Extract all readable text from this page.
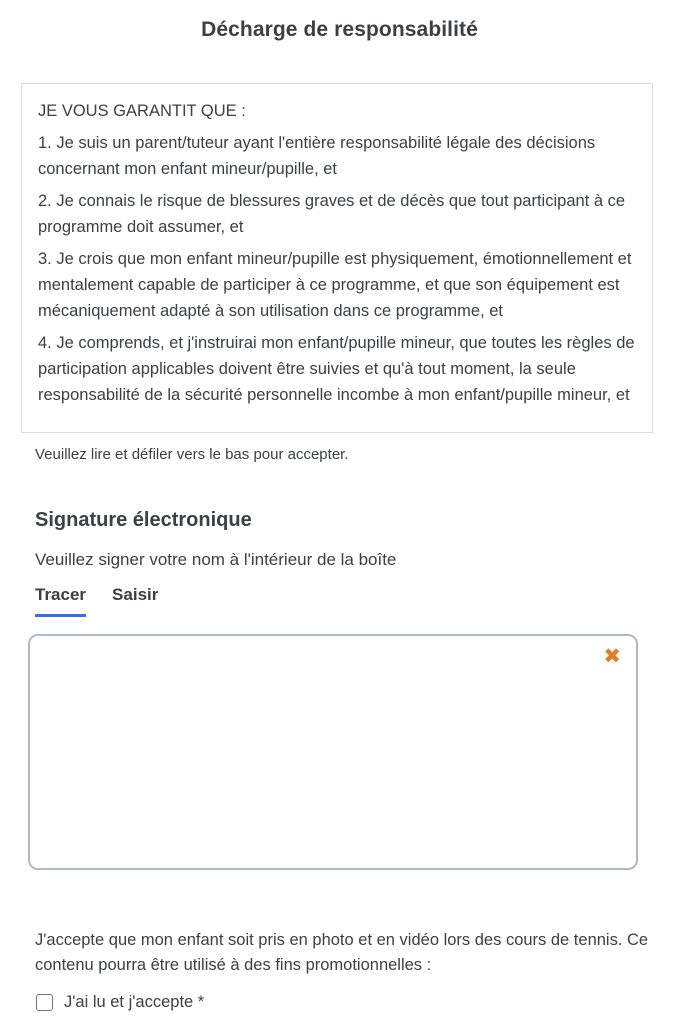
Décharge de responsabilité

JE VOUS GARANTIT QUE :

1. Je suis un parent/tuteur ayant l'entière responsabilité légale des décisions concernant mon enfant mineur/pupille, et

2. Je connais le risque de blessures graves et de décès que tout participant à ce programme doit assumer, et

3. Je crois que mon enfant mineur/pupille est physiquement, émotionnellement et mentalement capable de participer à ce programme, et que son équipement est mécaniquement adapté à son utilisation dans ce programme, et

4. Je comprends, et j'instruirai mon enfant/pupille mineur, que toutes les règles de participation applicables doivent être suivies et qu'à tout moment, la seule responsabilité de la sécurité personnelle incombe à mon enfant/pupille mineur, et

Veuillez lire et défiler vers le bas pour accepter.
Signature électronique
Veuillez signer votre nom à l'intérieur de la boîte
Tracer Saisir
✖
J'accepte que mon enfant soit pris en photo et en vidéo lors des cours de tennis. Ce contenu pourra être utilisé à des fins promotionnelles :
J'ai lu et j'accepte *
